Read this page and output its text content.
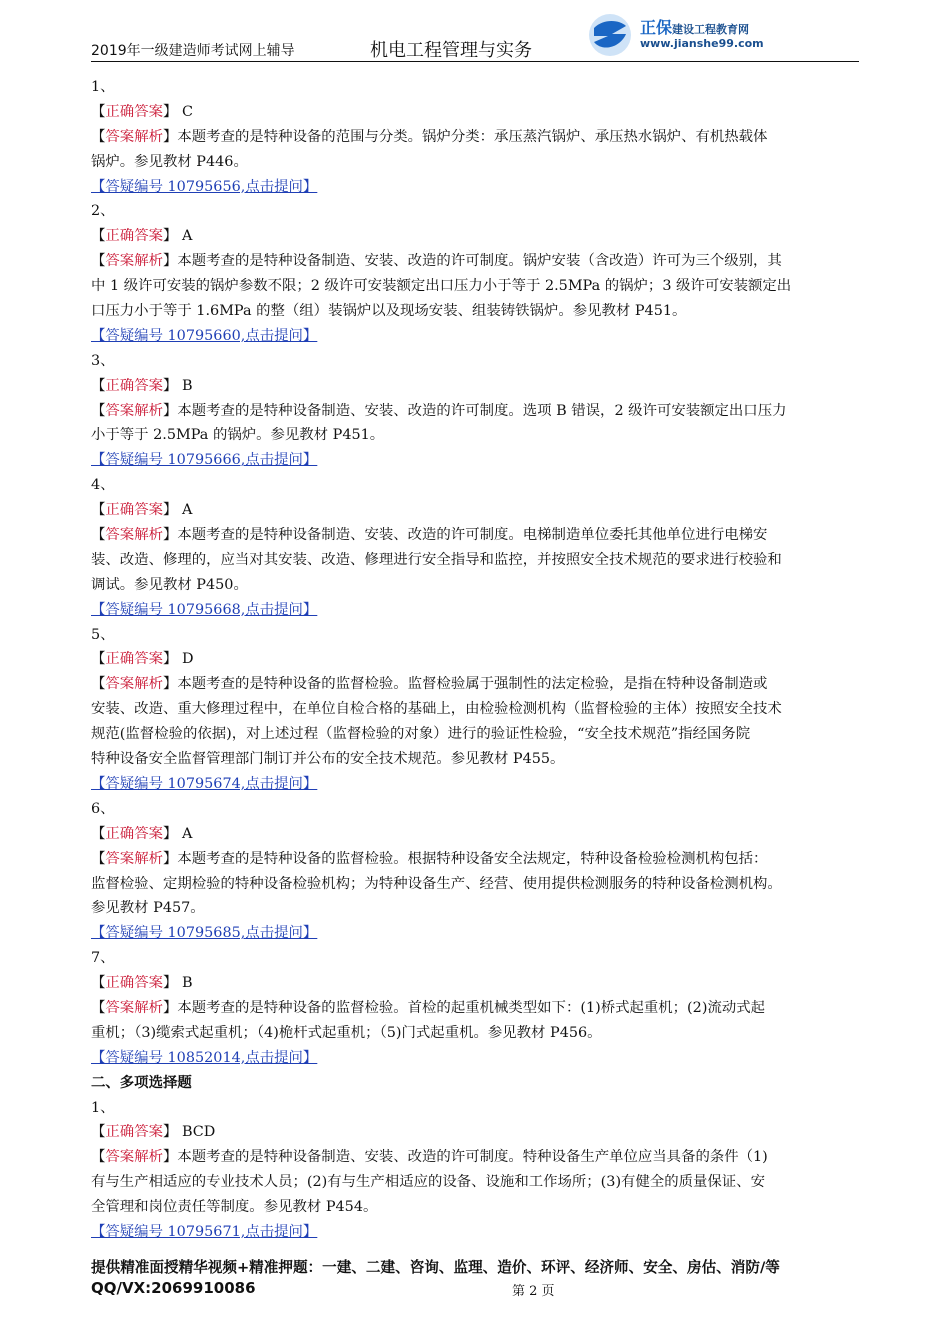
2019年一级建造师考试网上辅导	机电工程管理与实务
正保建设工程教育网
www.jianshe99.com
1、
【正确答案】 C
【答案解析】本题考查的是特种设备的范围与分类。锅炉分类：承压蒸汽锅炉、承压热水锅炉、有机热载体
锅炉。参见教材 P446。
【答疑编号 10795656,点击提问】
2、
【正确答案】 A
【答案解析】本题考查的是特种设备制造、安装、改造的许可制度。锅炉安装（含改造）许可为三个级别，其
中 1 级许可安装的锅炉参数不限；2 级许可安装额定出口压力小于等于 2.5MPa 的锅炉；3 级许可安装额定出
口压力小于等于 1.6MPa 的整（组）装锅炉以及现场安装、组装铸铁锅炉。参见教材 P451。
【答疑编号 10795660,点击提问】
3、
【正确答案】 B
【答案解析】本题考查的是特种设备制造、安装、改造的许可制度。选项 B 错误，2 级许可安装额定出口压力
小于等于 2.5MPa 的锅炉。参见教材 P451。
【答疑编号 10795666,点击提问】
4、
【正确答案】 A
【答案解析】本题考查的是特种设备制造、安装、改造的许可制度。电梯制造单位委托其他单位进行电梯安
装、改造、修理的，应当对其安装、改造、修理进行安全指导和监控，并按照安全技术规范的要求进行校验和
调试。参见教材 P450。
【答疑编号 10795668,点击提问】
5、
【正确答案】 D
【答案解析】本题考查的是特种设备的监督检验。监督检验属于强制性的法定检验，是指在特种设备制造或
安装、改造、重大修理过程中，在单位自检合格的基础上，由检验检测机构（监督检验的主体）按照安全技术
规范(监督检验的依据)，对上述过程（监督检验的对象）进行的验证性检验，“安全技术规范”指经国务院
特种设备安全监督管理部门制订并公布的安全技术规范。参见教材 P455。
【答疑编号 10795674,点击提问】
6、
【正确答案】 A
【答案解析】本题考查的是特种设备的监督检验。根据特种设备安全法规定，特种设备检验检测机构包括：
监督检验、定期检验的特种设备检验机构；为特种设备生产、经营、使用提供检测服务的特种设备检测机构。
参见教材 P457。
【答疑编号 10795685,点击提问】
7、
【正确答案】 B
【答案解析】本题考查的是特种设备的监督检验。首检的起重机械类型如下：(1)桥式起重机；(2)流动式起
重机；（3)缆索式起重机；（4)桅杆式起重机；（5)门式起重机。参见教材 P456。
【答疑编号 10852014,点击提问】
二、多项选择题
1、
【正确答案】 BCD
【答案解析】本题考查的是特种设备制造、安装、改造的许可制度。特种设备生产单位应当具备的条件（1)
有与生产相适应的专业技术人员；(2)有与生产相适应的设备、设施和工作场所；(3)有健全的质量保证、安
全管理和岗位责任等制度。参见教材 P454。
【答疑编号 10795671,点击提问】
提供精准面授精华视频+精准押题：一建、二建、咨询、监理、造价、环评、经济师、安全、房估、消防/等
QQ/VX:2069910086	第 2 页
